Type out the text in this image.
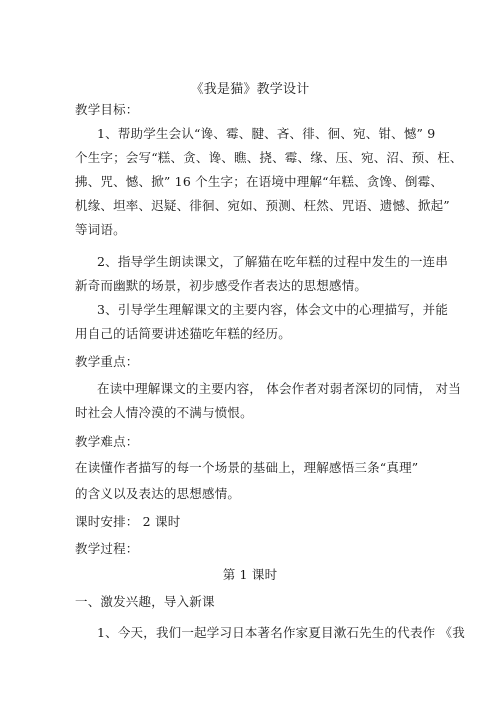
《我是猫》教学设计
教学目标：
1、帮助学生会认“谗、霉、腱、吝、徘、徊、宛、钳、憾” 9
个生字；会写“糕、贪、谗、瞧、挠、霉、缘、压、宛、沼、预、枉、
拂、咒、憾、掀” 16 个生字；在语境中理解“年糕、贪馋、倒霉、
机缘、坦率、迟疑、徘徊、宛如、预测、枉然、咒语、遗憾、掀起”
等词语。
2、指导学生朗读课文，了解猫在吃年糕的过程中发生的一连串
新奇而幽默的场景，初步感受作者表达的思想感情。
3、引导学生理解课文的主要内容，体会文中的心理描写，并能
用自己的话简要讲述猫吃年糕的经历。
教学重点：
在读中理解课文的主要内容， 体会作者对弱者深切的同情， 对当
时社会人情冷漠的不满与愤恨。
教学难点：
在读懂作者描写的每一个场景的基础上，理解感悟三条“真理”
的含义以及表达的思想感情。
课时安排： 2 课时
教学过程：
第 1 课时
一、激发兴趣，导入新课
1、今天，我们一起学习日本著名作家夏目漱石先生的代表作 《我
